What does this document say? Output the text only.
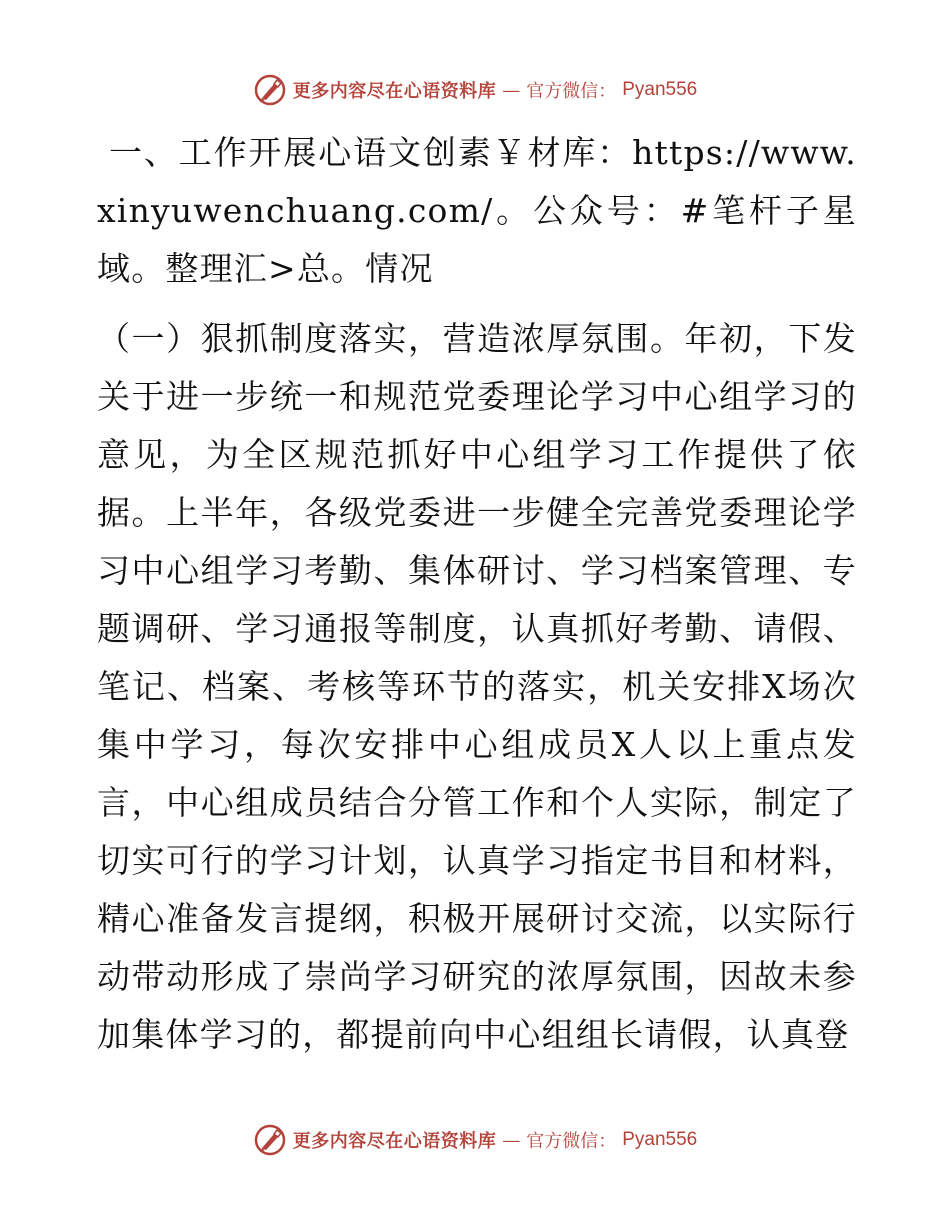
更多内容尽在心语资料库 — 官方微信： Pyan556

一、工作开展心语文创素￥材库：https://www.xinyuwenchuang.com/。公众号：#笔杆子星域。整理汇>总。情况

（一）狠抓制度落实，营造浓厚氛围。年初，下发关于进一步统一和规范党委理论学习中心组学习的意见，为全区规范抓好中心组学习工作提供了依据。上半年，各级党委进一步健全完善党委理论学习中心组学习考勤、集体研讨、学习档案管理、专题调研、学习通报等制度，认真抓好考勤、请假、笔记、档案、考核等环节的落实，机关安排X场次集中学习，每次安排中心组成员X人以上重点发言，中心组成员结合分管工作和个人实际，制定了切实可行的学习计划，认真学习指定书目和材料，精心准备发言提纲，积极开展研讨交流，以实际行动带动形成了崇尚学习研究的浓厚氛围，因故未参加集体学习的，都提前向中心组组长请假，认真登

更多内容尽在心语资料库 — 官方微信： Pyan556
